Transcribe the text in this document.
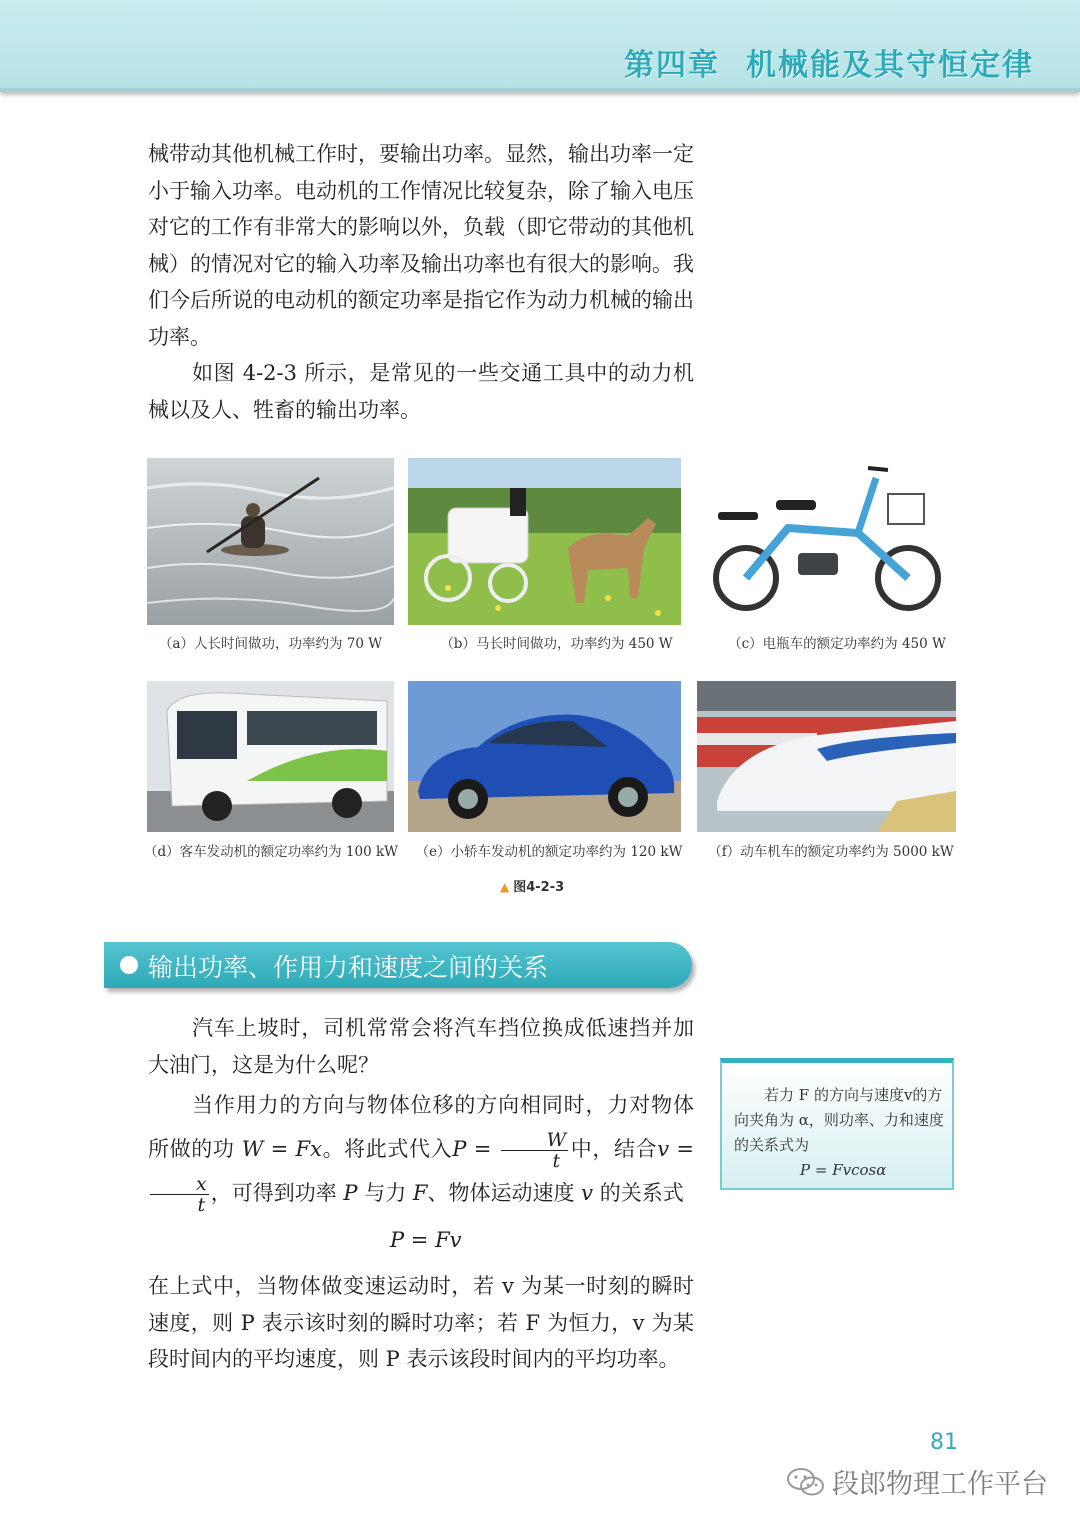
第四章 机械能及其守恒定律

械带动其他机械工作时，要输出功率。显然，输出功率一定小于输入功率。电动机的工作情况比较复杂，除了输入电压对它的工作有非常大的影响以外，负载（即它带动的其他机械）的情况对它的输入功率及输出功率也有很大的影响。我们今后所说的电动机的额定功率是指它作为动力机械的输出功率。

如图 4-2-3 所示，是常见的一些交通工具中的动力机械以及人、牲畜的输出功率。

（a）人长时间做功，功率约为 70 W	（b）马长时间做功，功率约为 450 W	（c）电瓶车的额定功率约为 450 W
（d）客车发动机的额定功率约为 100 kW	（e）小轿车发动机的额定功率约为 120 kW	（f）动车机车的额定功率约为 5000 kW
▲ 图4-2-3
输出功率、作用力和速度之间的关系

汽车上坡时，司机常常会将汽车挡位换成低速挡并加大油门，这是为什么呢？

当作用力的方向与物体位移的方向相同时，力对物体所做的功 W = Fx。将此式代入$P = \frac{W}{t}$ 中，结合v =
$\frac{x}{t}$ ，可得到功率 P 与力 F、物体运动速度 v 的关系式

P = Fv

在上式中，当物体做变速运动时，若 v 为某一时刻的瞬时速度，则 P 表示该时刻的瞬时功率；若 F 为恒力，v 为某段时间内的平均速度，则 P 表示该段时间内的平均功率。

若力 F 的方向与速度v的方向夹角为 α，则功率、力和速度的关系式为
P = Fvcosα
81
段郎物理工作平台
